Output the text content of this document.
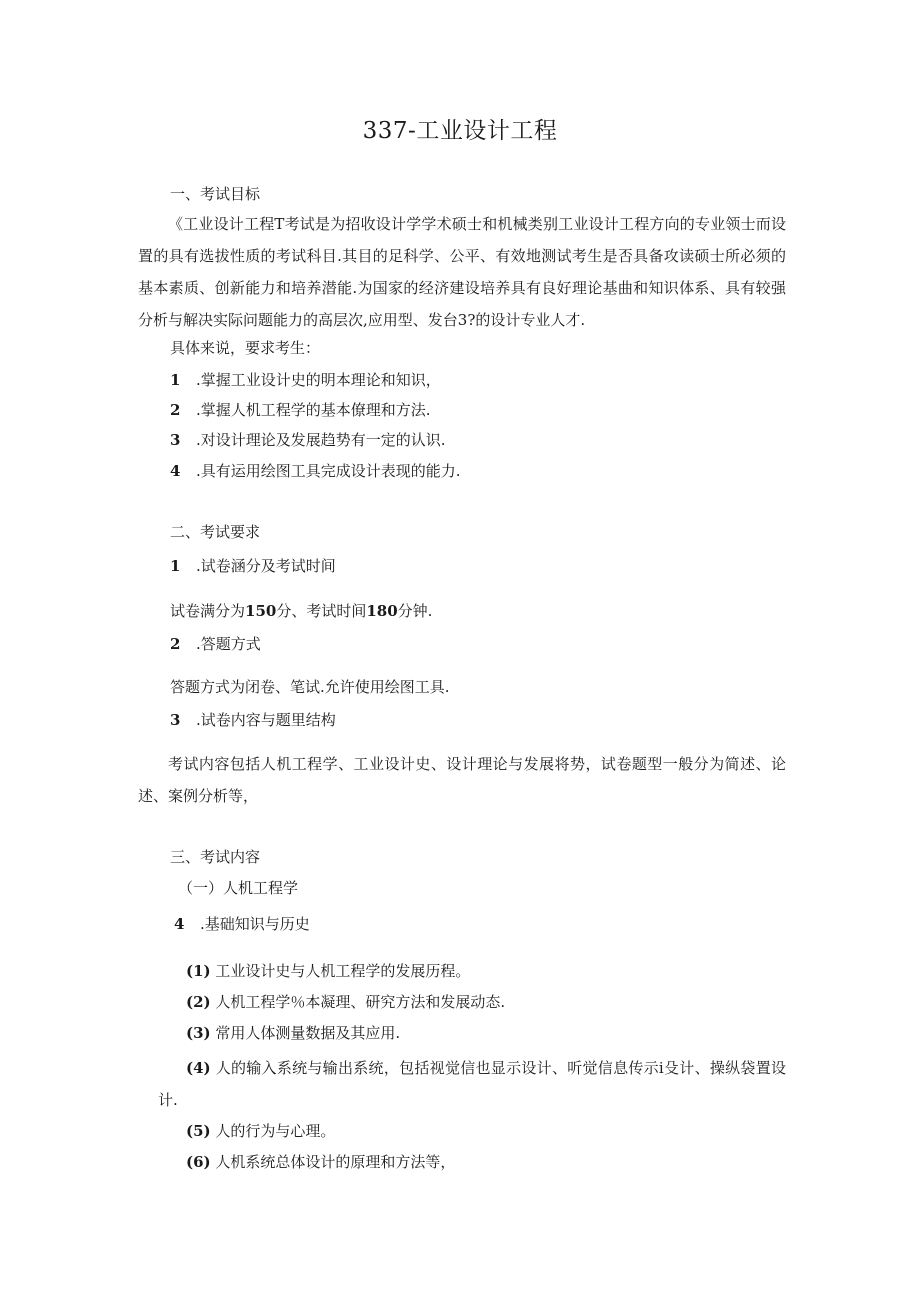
337-工业设计工程
一、考试目标
《工业设计工程T考试是为招收设计学学术硕士和机械类别工业设计工程方向的专业领士而设置的具有选拔性质的考试科目.其目的足科学、公平、有效地测试考生是否具备攻读硕士所必须的基本素质、创新能力和培养潜能.为国家的经济建设培养具有良好理论基曲和知识体系、具有较强分析与解决实际问题能力的高层次,应用型、发台3?的设计专业人才.
具体来说，要求考生：
1 .掌握工业设计史的明本理论和知识，
2 .掌握人机工程学的基本僚理和方法.
3 .对设计理论及发展趋势有一定的认识.
4 .具有运用绘图工具完成设计表现的能力.
二、考试要求
1 .试卷涵分及考试时间
试卷满分为150分、考试时间180分钟.
2 .答题方式
答题方式为闭卷、笔试.允许使用绘图工具.
3 .试卷内容与题里结构
考试内容包括人机工程学、工业设计史、设计理论与发展将势，试卷题型一般分为简述、论述、案例分析等，
三、考试内容
（一）人机工程学
4 .基础知识与历史
(1) 工业设计史与人机工程学的发展历程。
(2) 人机工程学％本凝理、研究方法和发展动态.
(3) 常用人体测量数据及其应用.
(4) 人的输入系统与输出系统，包括视觉信也显示设计、听觉信息传示i殳计、操纵袋置设计.
(5) 人的行为与心理。
(6) 人机系统总体设计的原理和方法等，
